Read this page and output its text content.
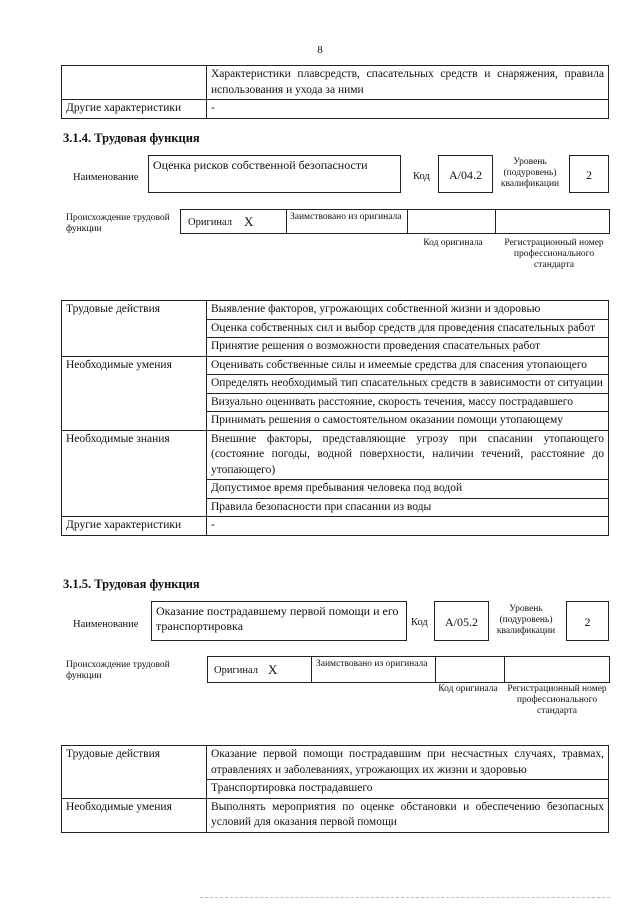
8
	Характеристики плавсредств, спасательных средств и снаряжения, правила использования и ухода за ними
Другие характеристики	-
3.1.4. Трудовая функция
Наименование
Оценка рисков собственной безопасности
Код	A/04.2
Уровень (подуровень) квалификации
2
Происхождение трудовой функции
Оригинал X	Заимствовано из оригинала
Код оригинала	Регистрационный номер профессионального стандарта
Трудовые действия	Выявление факторов, угрожающих собственной жизни и здоровью
	Оценка собственных сил и выбор средств для проведения спасательных работ
	Принятие решения о возможности проведения спасательных работ
Необходимые умения	Оценивать собственные силы и имеемые средства для спасения утопающего
	Определять необходимый тип спасательных средств в зависимости от ситуации
	Визуально оценивать расстояние, скорость течения, массу пострадавшего
	Принимать решения о самостоятельном оказании помощи утопающему
Необходимые знания	Внешние факторы, представляющие угрозу при спасании утопающего (состояние погоды, водной поверхности, наличии течений, расстояние до утопающего)
	Допустимое время пребывания человека под водой
	Правила безопасности при спасании из воды
Другие характеристики	-
3.1.5. Трудовая функция
Наименование
Оказание пострадавшему первой помощи и его транспортировка	Код	A/05.2
Уровень (подуровень) квалификации
2
Происхождение трудовой функции	Оригинал X	Заимствовано из оригинала
Код оригинала Регистрационный номер профессионального стандарта
Трудовые действия	Оказание первой помощи пострадавшим при несчастных случаях, травмах, отравлениях и заболеваниях, угрожающих их жизни и здоровью
	Транспортировка пострадавшего
Необходимые умения	Выполнять мероприятия по оценке обстановки и обеспечению безопасных условий для оказания первой помощи
